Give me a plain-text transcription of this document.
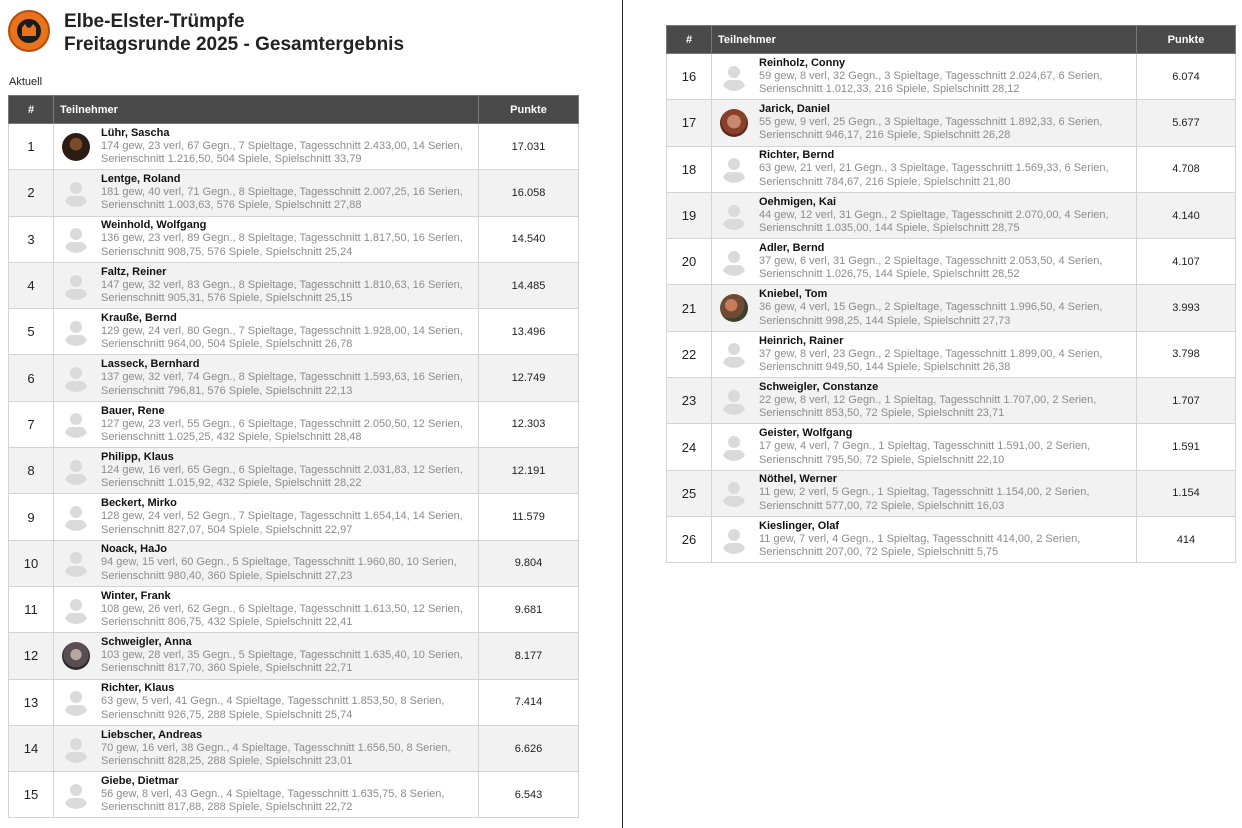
Elbe-Elster-Trümpfe
Freitagsrunde 2025 - Gesamtergebnis
Aktuell
#	Teilnehmer	Punkte
1	Lühr, Sascha
174 gew, 23 verl, 67 Gegn., 7 Spieltage, Tagesschnitt 2.433,00, 14 Serien,
Serienschnitt 1.216,50, 504 Spiele, Spielschnitt 33,79	17.031
2	Lentge, Roland
181 gew, 40 verl, 71 Gegn., 8 Spieltage, Tagesschnitt 2.007,25, 16 Serien,
Serienschnitt 1.003,63, 576 Spiele, Spielschnitt 27,88	16.058
3	Weinhold, Wolfgang
136 gew, 23 verl, 89 Gegn., 8 Spieltage, Tagesschnitt 1.817,50, 16 Serien,
Serienschnitt 908,75, 576 Spiele, Spielschnitt 25,24	14.540
4	Faltz, Reiner
147 gew, 32 verl, 83 Gegn., 8 Spieltage, Tagesschnitt 1.810,63, 16 Serien,
Serienschnitt 905,31, 576 Spiele, Spielschnitt 25,15	14.485
5	Krauße, Bernd
129 gew, 24 verl, 80 Gegn., 7 Spieltage, Tagesschnitt 1.928,00, 14 Serien,
Serienschnitt 964,00, 504 Spiele, Spielschnitt 26,78	13.496
6	Lasseck, Bernhard
137 gew, 32 verl, 74 Gegn., 8 Spieltage, Tagesschnitt 1.593,63, 16 Serien,
Serienschnitt 796,81, 576 Spiele, Spielschnitt 22,13	12.749
7	Bauer, Rene
127 gew, 23 verl, 55 Gegn., 6 Spieltage, Tagesschnitt 2.050,50, 12 Serien,
Serienschnitt 1.025,25, 432 Spiele, Spielschnitt 28,48	12.303
8	Philipp, Klaus
124 gew, 16 verl, 65 Gegn., 6 Spieltage, Tagesschnitt 2.031,83, 12 Serien,
Serienschnitt 1.015,92, 432 Spiele, Spielschnitt 28,22	12.191
9	Beckert, Mirko
128 gew, 24 verl, 52 Gegn., 7 Spieltage, Tagesschnitt 1.654,14, 14 Serien,
Serienschnitt 827,07, 504 Spiele, Spielschnitt 22,97	11.579
10	Noack, HaJo
94 gew, 15 verl, 60 Gegn., 5 Spieltage, Tagesschnitt 1.960,80, 10 Serien,
Serienschnitt 980,40, 360 Spiele, Spielschnitt 27,23	9.804
11	Winter, Frank
108 gew, 26 verl, 62 Gegn., 6 Spieltage, Tagesschnitt 1.613,50, 12 Serien,
Serienschnitt 806,75, 432 Spiele, Spielschnitt 22,41	9.681
12	Schweigler, Anna
103 gew, 28 verl, 35 Gegn., 5 Spieltage, Tagesschnitt 1.635,40, 10 Serien,
Serienschnitt 817,70, 360 Spiele, Spielschnitt 22,71	8.177
13	Richter, Klaus
63 gew, 5 verl, 41 Gegn., 4 Spieltage, Tagesschnitt 1.853,50, 8 Serien,
Serienschnitt 926,75, 288 Spiele, Spielschnitt 25,74	7.414
14	Liebscher, Andreas
70 gew, 16 verl, 38 Gegn., 4 Spieltage, Tagesschnitt 1.656,50, 8 Serien,
Serienschnitt 828,25, 288 Spiele, Spielschnitt 23,01	6.626
15	Giebe, Dietmar
56 gew, 8 verl, 43 Gegn., 4 Spieltage, Tagesschnitt 1.635,75, 8 Serien,
Serienschnitt 817,88, 288 Spiele, Spielschnitt 22,72	6.543
#	Teilnehmer	Punkte
16	Reinholz, Conny
59 gew, 8 verl, 32 Gegn., 3 Spieltage, Tagesschnitt 2.024,67, 6 Serien,
Serienschnitt 1.012,33, 216 Spiele, Spielschnitt 28,12	6.074
17	Jarick, Daniel
55 gew, 9 verl, 25 Gegn., 3 Spieltage, Tagesschnitt 1.892,33, 6 Serien,
Serienschnitt 946,17, 216 Spiele, Spielschnitt 26,28	5.677
18	Richter, Bernd
63 gew, 21 verl, 21 Gegn., 3 Spieltage, Tagesschnitt 1.569,33, 6 Serien,
Serienschnitt 784,67, 216 Spiele, Spielschnitt 21,80	4.708
19	Oehmigen, Kai
44 gew, 12 verl, 31 Gegn., 2 Spieltage, Tagesschnitt 2.070,00, 4 Serien,
Serienschnitt 1.035,00, 144 Spiele, Spielschnitt 28,75	4.140
20	Adler, Bernd
37 gew, 6 verl, 31 Gegn., 2 Spieltage, Tagesschnitt 2.053,50, 4 Serien,
Serienschnitt 1.026,75, 144 Spiele, Spielschnitt 28,52	4.107
21	Kniebel, Tom
36 gew, 4 verl, 15 Gegn., 2 Spieltage, Tagesschnitt 1.996,50, 4 Serien,
Serienschnitt 998,25, 144 Spiele, Spielschnitt 27,73	3.993
22	Heinrich, Rainer
37 gew, 8 verl, 23 Gegn., 2 Spieltage, Tagesschnitt 1.899,00, 4 Serien,
Serienschnitt 949,50, 144 Spiele, Spielschnitt 26,38	3.798
23	Schweigler, Constanze
22 gew, 8 verl, 12 Gegn., 1 Spieltag, Tagesschnitt 1.707,00, 2 Serien,
Serienschnitt 853,50, 72 Spiele, Spielschnitt 23,71	1.707
24	Geister, Wolfgang
17 gew, 4 verl, 7 Gegn., 1 Spieltag, Tagesschnitt 1.591,00, 2 Serien,
Serienschnitt 795,50, 72 Spiele, Spielschnitt 22,10	1.591
25	Nöthel, Werner
11 gew, 2 verl, 5 Gegn., 1 Spieltag, Tagesschnitt 1.154,00, 2 Serien,
Serienschnitt 577,00, 72 Spiele, Spielschnitt 16,03	1.154
26	Kieslinger, Olaf
11 gew, 7 verl, 4 Gegn., 1 Spieltag, Tagesschnitt 414,00, 2 Serien,
Serienschnitt 207,00, 72 Spiele, Spielschnitt 5,75	414
